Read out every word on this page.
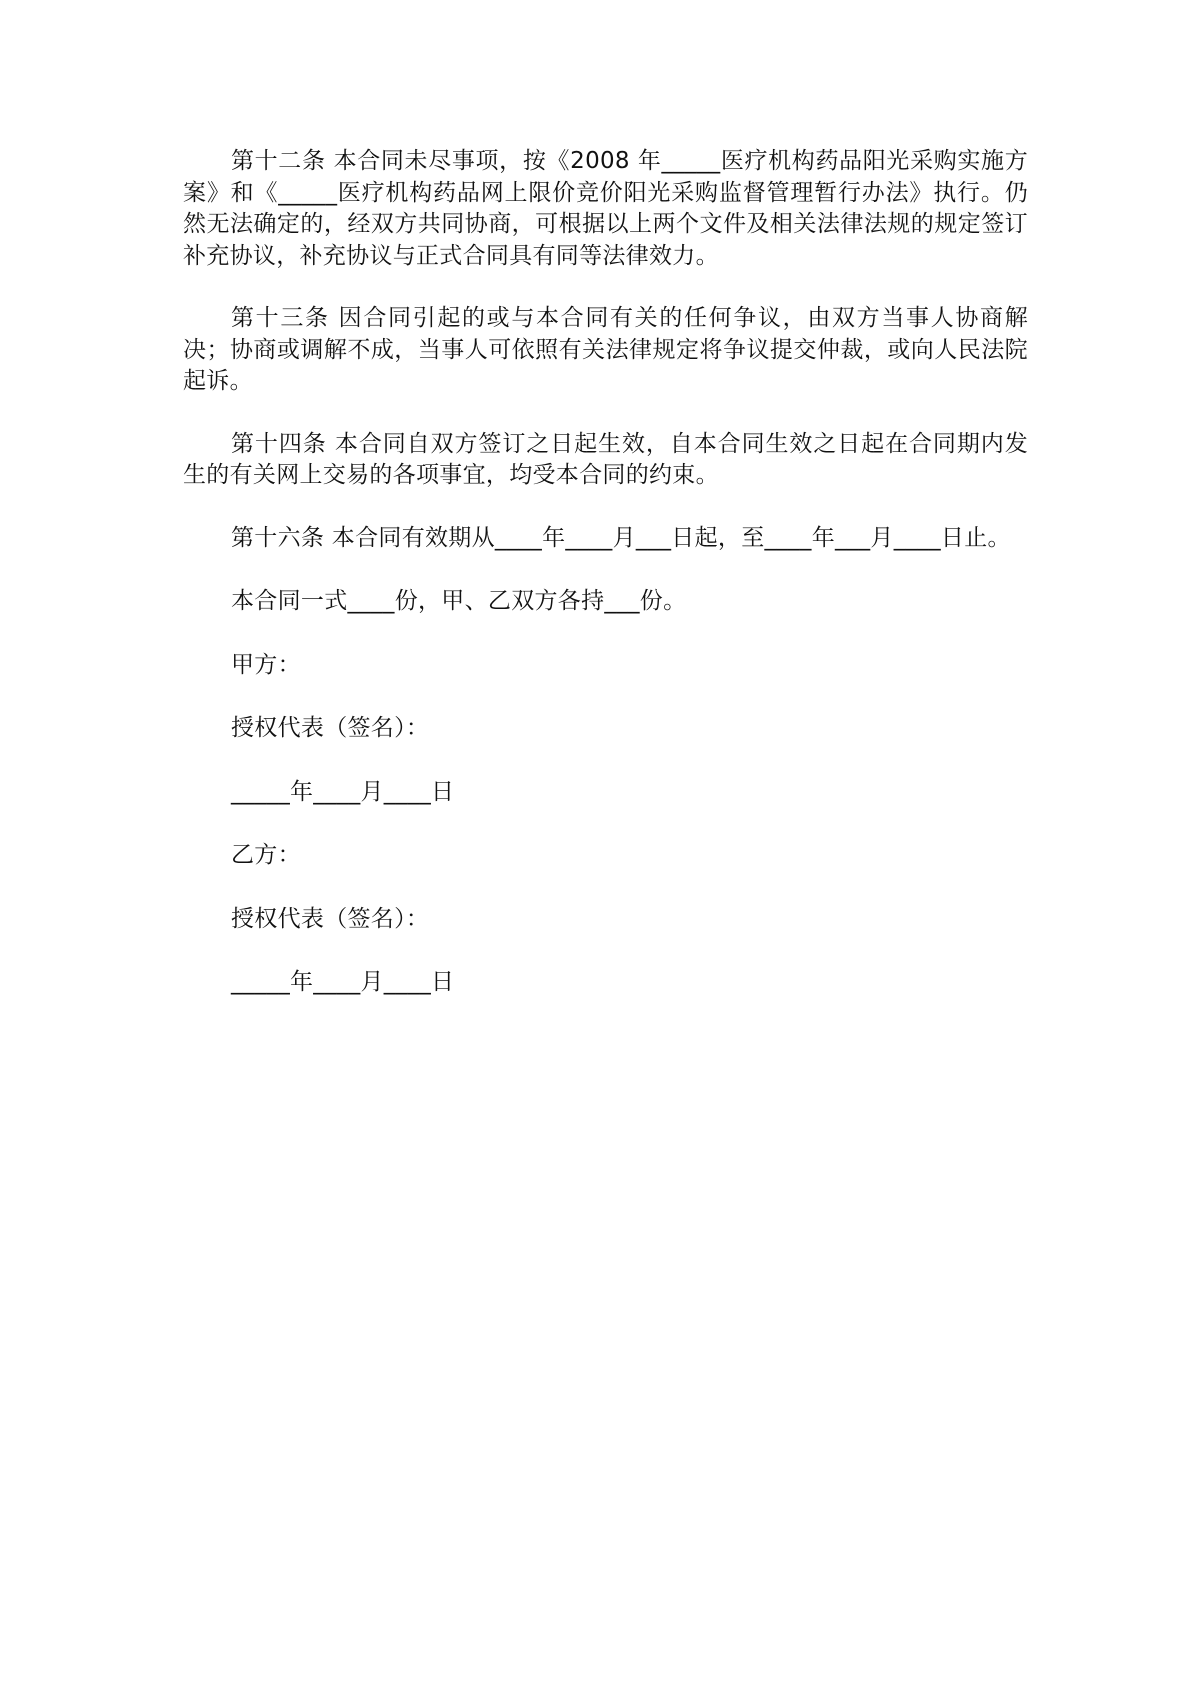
第十二条 本合同未尽事项，按《2008 年_____医疗机构药品阳光采购实施方案》和《_____医疗机构药品网上限价竞价阳光采购监督管理暂行办法》执行。仍然无法确定的，经双方共同协商，可根据以上两个文件及相关法律法规的规定签订补充协议，补充协议与正式合同具有同等法律效力。

第十三条 因合同引起的或与本合同有关的任何争议，由双方当事人协商解决；协商或调解不成，当事人可依照有关法律规定将争议提交仲裁，或向人民法院起诉。

第十四条 本合同自双方签订之日起生效，自本合同生效之日起在合同期内发生的有关网上交易的各项事宜，均受本合同的约束。

第十六条 本合同有效期从____年____月___日起，至____年___月____日止。

本合同一式____份，甲、乙双方各持___份。

甲方：

授权代表（签名）：

_____年____月____日

乙方：

授权代表（签名）：

_____年____月____日
